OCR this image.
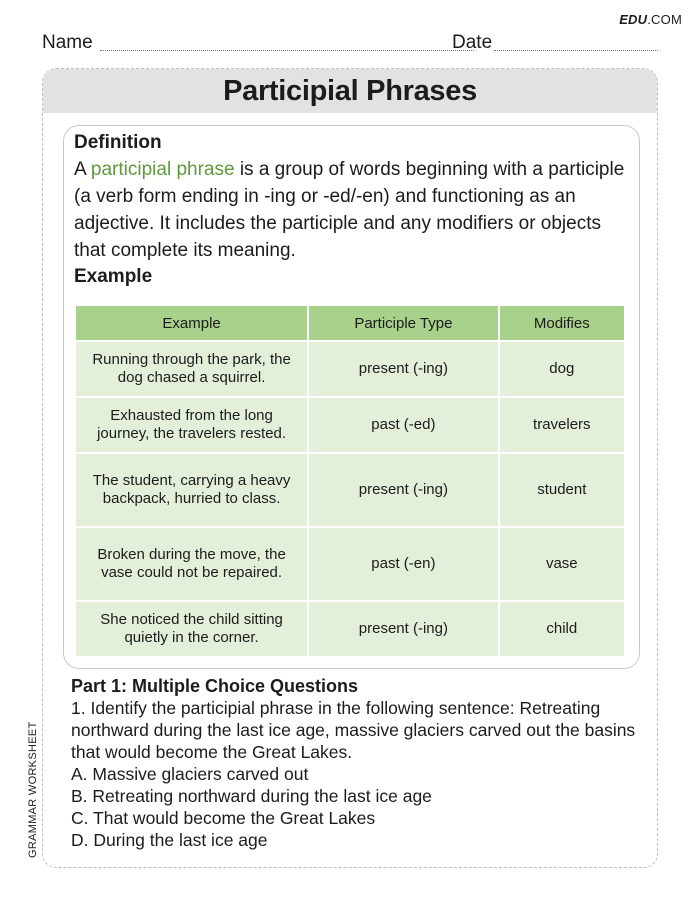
EDU.COM
Name	Date
Participial Phrases
Definition
A participial phrase is a group of words beginning with a participle (a verb form ending in -ing or -ed/-en) and functioning as an adjective. It includes the participle and any modifiers or objects that complete its meaning.
Example
Example	Participle Type	Modifies
Running through the park, the dog chased a squirrel.	present (-ing)	dog
Exhausted from the long journey, the travelers rested.	past (-ed)	travelers
The student, carrying a heavy backpack, hurried to class.	present (-ing)	student
Broken during the move, the vase could not be repaired.	past (-en)	vase
She noticed the child sitting quietly in the corner.	present (-ing)	child
Part 1: Multiple Choice Questions
1. Identify the participial phrase in the following sentence: Retreating northward during the last ice age, massive glaciers carved out the basins that would become the Great Lakes.
A. Massive glaciers carved out
B. Retreating northward during the last ice age
C. That would become the Great Lakes
D. During the last ice age
GRAMMAR WORKSHEET
